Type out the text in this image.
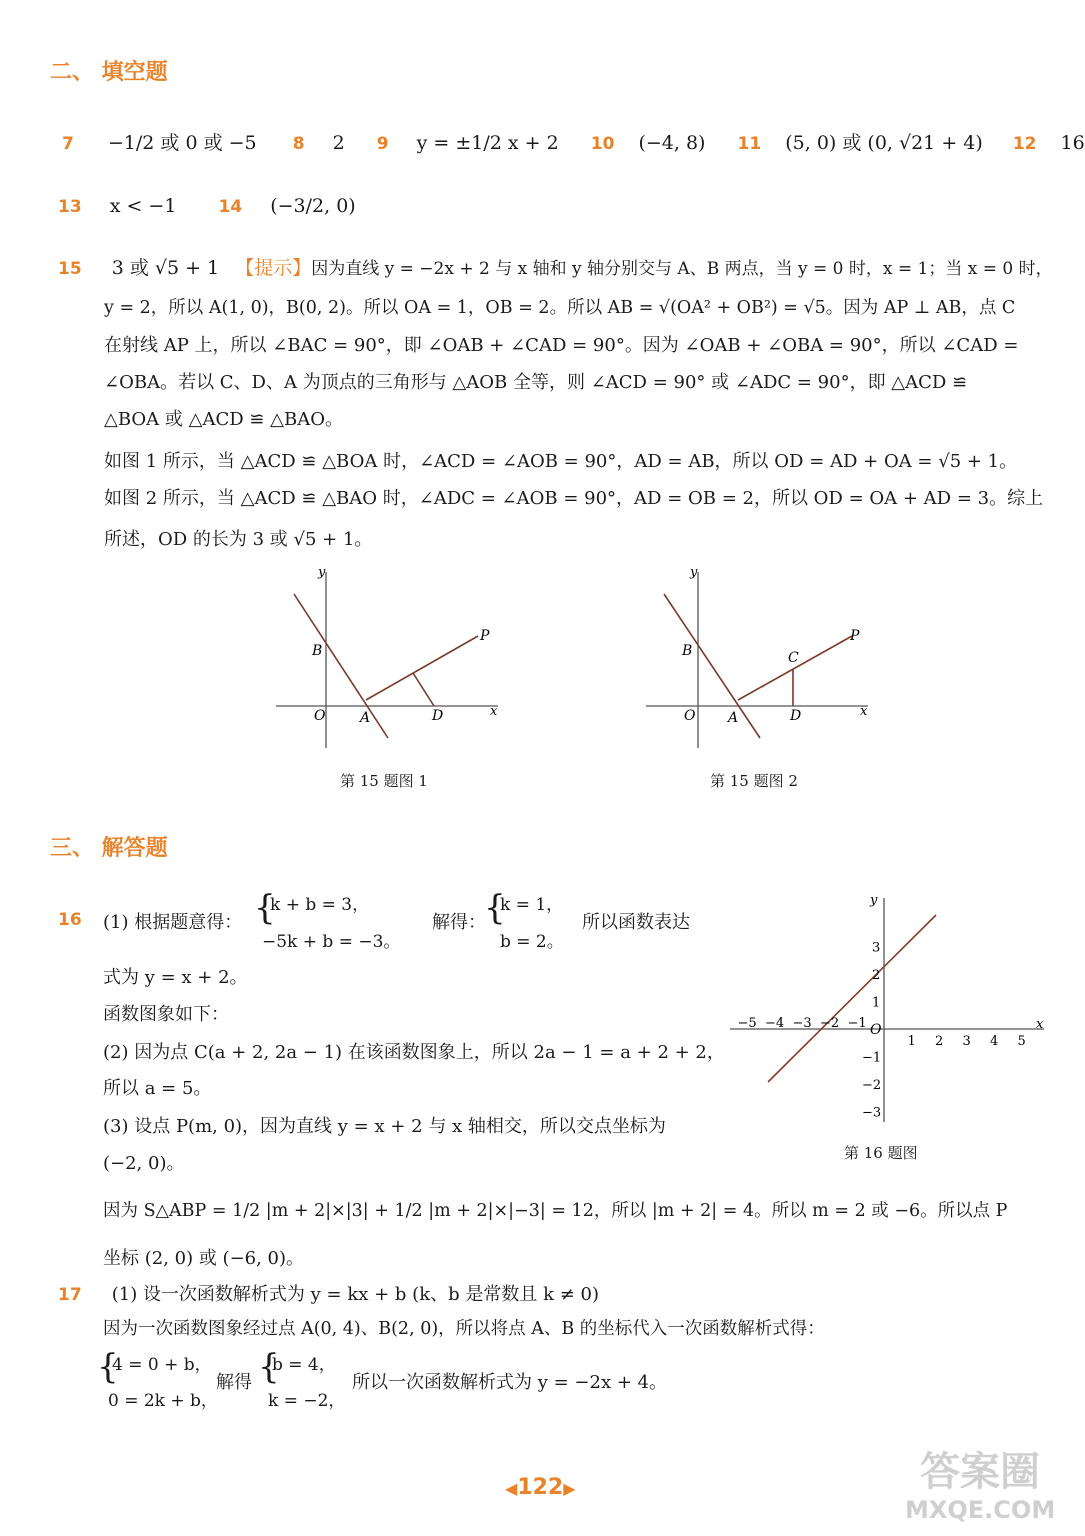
二、 填空题
7 −1/2 或 0 或 −5 8 2 9 y = ±1/2 x + 2 10 (−4, 8) 11 (5, 0) 或 (0, √21 + 4) 12 16
13 x < −1 14 (−3/2, 0)
15 3 或 √5 + 1 【提示】因为直线 y = −2x + 2 与 x 轴和 y 轴分别交与 A、B 两点，当 y = 0 时，x = 1；当 x = 0 时，
y = 2，所以 A(1, 0)，B(0, 2)。所以 OA = 1，OB = 2。所以 AB = √(OA² + OB²) = √5。因为 AP ⊥ AB，点 C
在射线 AP 上，所以 ∠BAC = 90°，即 ∠OAB + ∠CAD = 90°。因为 ∠OAB + ∠OBA = 90°，所以 ∠CAD =
∠OBA。若以 C、D、A 为顶点的三角形与 △AOB 全等，则 ∠ACD = 90° 或 ∠ADC = 90°，即 △ACD ≌
△BOA 或 △ACD ≌ △BAO。
如图 1 所示，当 △ACD ≌ △BOA 时，∠ACD = ∠AOB = 90°，AD = AB，所以 OD = AD + OA = √5 + 1。
如图 2 所示，当 △ACD ≌ △BAO 时，∠ADC = ∠AOB = 90°，AD = OB = 2，所以 OD = OA + AD = 3。综上
所述，OD 的长为 3 或 √5 + 1。
y
x
B
O A	D
P
第 15 题图 1
y
x
B
O A
C
D
P
第 15 题图 2
三、 解答题
16 (1) 根据题意得： {
k + b = 3，
−5k + b = −3。
解得：
{
k = 1，
b = 2。
所以函数表达
式为 y = x + 2。
函数图象如下：
(2) 因为点 C(a + 2, 2a − 1) 在该函数图象上，所以 2a − 1 = a + 2 + 2，
所以 a = 5。
(3) 设点 P(m, 0)，因为直线 y = x + 2 与 x 轴相交，所以交点坐标为
(−2, 0)。
因为 S△ABP = 1/2 |m + 2|×|3| + 1/2 |m + 2|×|−3| = 12，所以 |m + 2| = 4。所以 m = 2 或 −6。所以点 P
坐标 (2, 0) 或 (−6, 0)。
y
x
O
−5 −4 −3 −2 −1
1 2 3 4 5
3
2
1
−1
−2
−3
第 16 题图
17 (1) 设一次函数解析式为 y = kx + b (k、b 是常数且 k ≠ 0)
因为一次函数图象经过点 A(0, 4)、B(2, 0)，所以将点 A、B 的坐标代入一次函数解析式得：
{
4 = 0 + b，
0 = 2k + b，
解得 {
b = 4，
k = −2，
所以一次函数解析式为 y = −2x + 4。
◀122▶	答案圈
MXQE.COM
